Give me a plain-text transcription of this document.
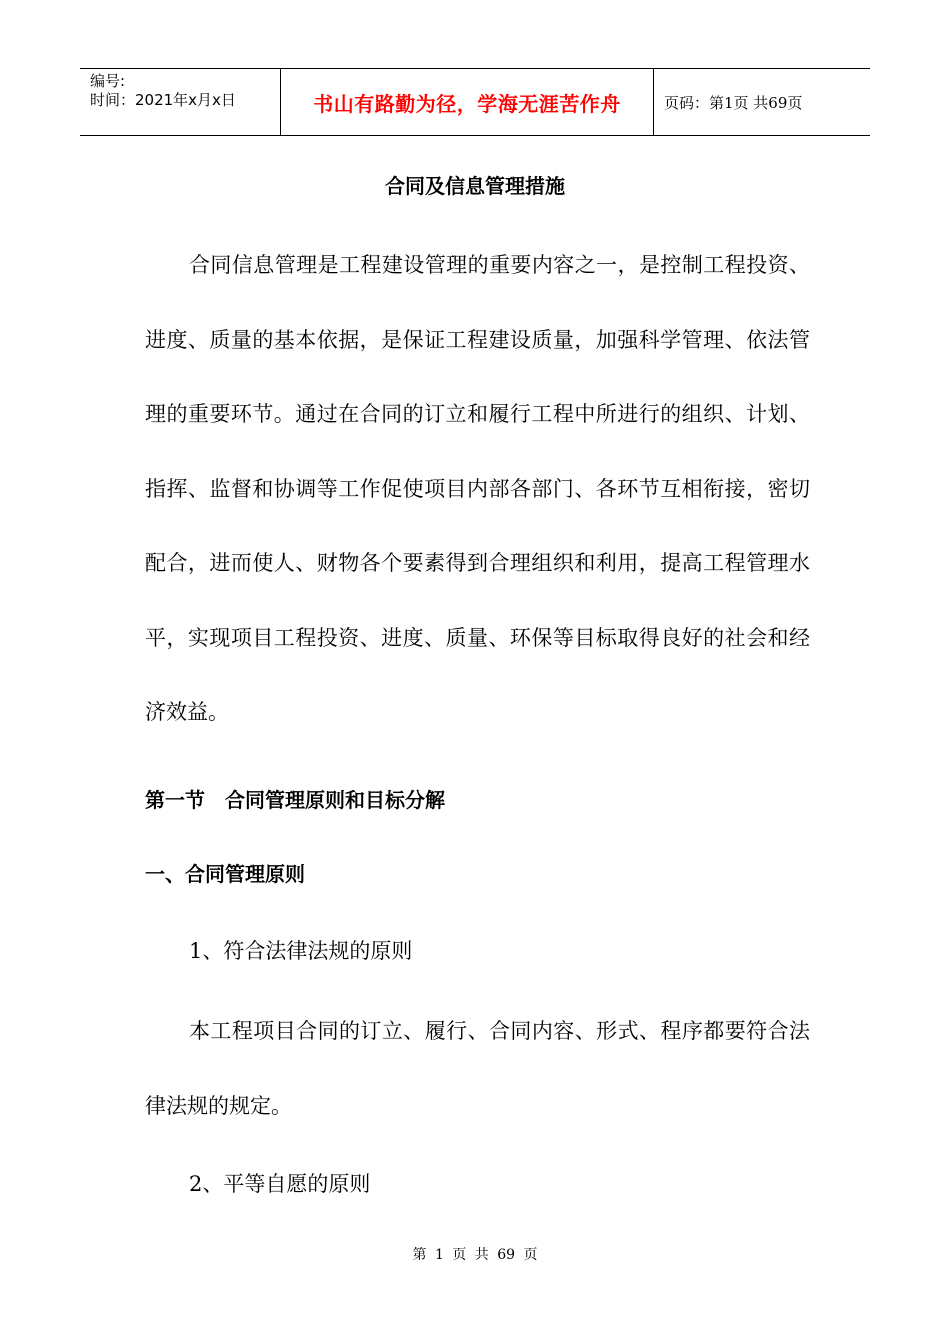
编号:
时间：2021年x月x日	书山有路勤为径，学海无涯苦作舟	页码：第1页 共69页
合同及信息管理措施
合同信息管理是工程建设管理的重要内容之一，是控制工程投资、进度、质量的基本依据，是保证工程建设质量，加强科学管理、依法管理的重要环节。通过在合同的订立和履行工程中所进行的组织、计划、指挥、监督和协调等工作促使项目内部各部门、各环节互相衔接，密切配合，进而使人、财物各个要素得到合理组织和利用，提高工程管理水平，实现项目工程投资、进度、质量、环保等目标取得良好的社会和经济效益。
第一节　合同管理原则和目标分解
一、合同管理原则
1、符合法律法规的原则
本工程项目合同的订立、履行、合同内容、形式、程序都要符合法律法规的规定。
2、平等自愿的原则
第 1 页 共 69 页
